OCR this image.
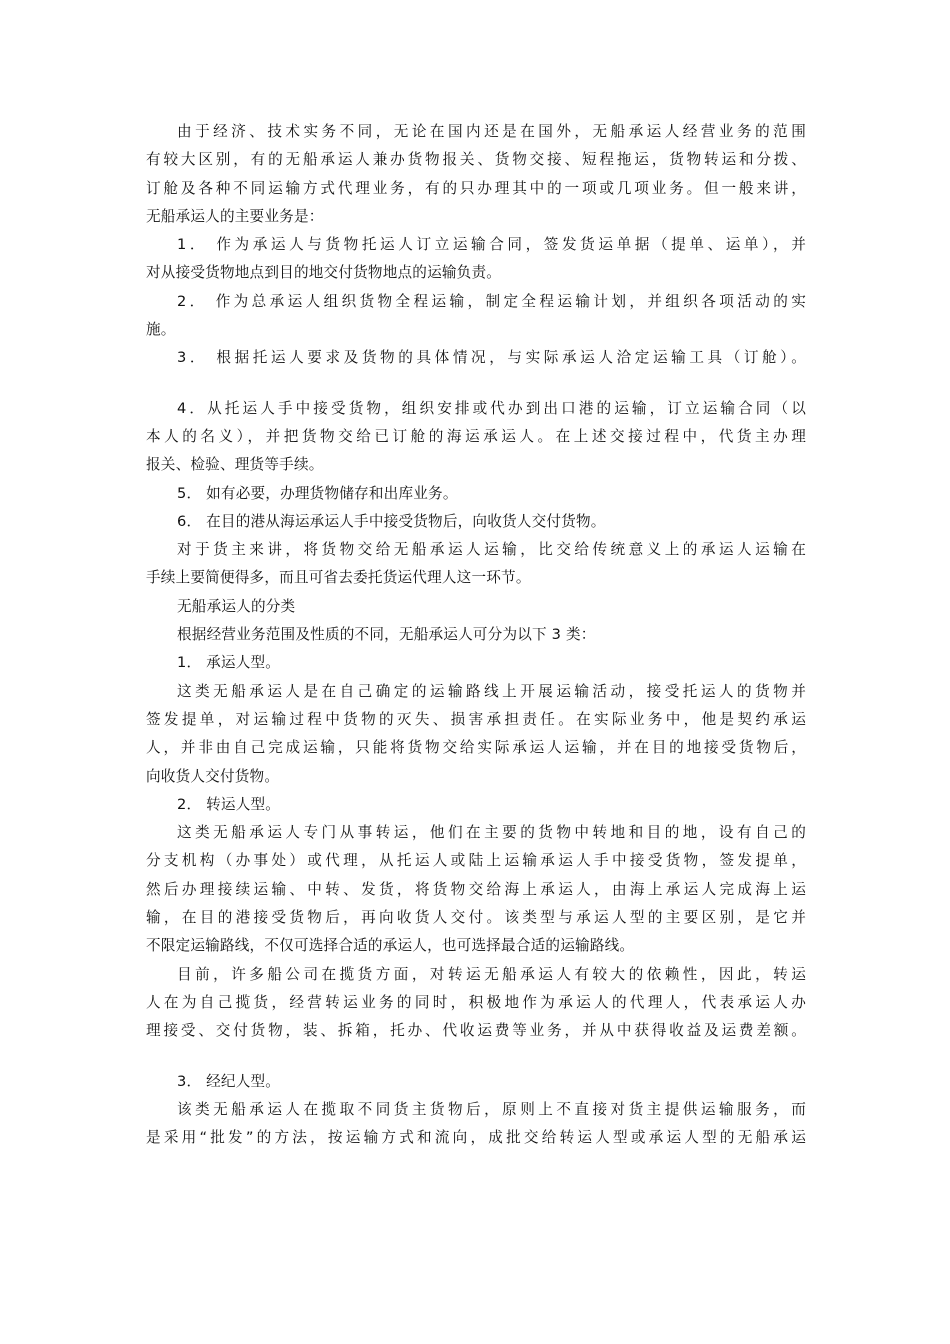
由于经济、技术实务不同，无论在国内还是在国外，无船承运人经营业务的范围
有较大区别，有的无船承运人兼办货物报关、货物交接、短程拖运，货物转运和分拨、
订舱及各种不同运输方式代理业务，有的只办理其中的一项或几项业务。但一般来讲，
无船承运人的主要业务是：
1． 作为承运人与货物托运人订立运输合同，签发货运单据（提单、运单），并
对从接受货物地点到目的地交付货物地点的运输负责。
2． 作为总承运人组织货物全程运输，制定全程运输计划，并组织各项活动的实
施。
3． 根据托运人要求及货物的具体情况，与实际承运人洽定运输工具（订舱）。
4．从托运人手中接受货物，组织安排或代办到出口港的运输，订立运输合同（以
本人的名义），并把货物交给已订舱的海运承运人。在上述交接过程中，代货主办理
报关、检验、理货等手续。
5． 如有必要，办理货物储存和出库业务。
6． 在目的港从海运承运人手中接受货物后，向收货人交付货物。
对于货主来讲，将货物交给无船承运人运输，比交给传统意义上的承运人运输在
手续上要简便得多，而且可省去委托货运代理人这一环节。
无船承运人的分类
根据经营业务范围及性质的不同，无船承运人可分为以下 3 类：
1． 承运人型。
这类无船承运人是在自己确定的运输路线上开展运输活动，接受托运人的货物并
签发提单，对运输过程中货物的灭失、损害承担责任。在实际业务中，他是契约承运
人，并非由自己完成运输，只能将货物交给实际承运人运输，并在目的地接受货物后，
向收货人交付货物。
2． 转运人型。
这类无船承运人专门从事转运，他们在主要的货物中转地和目的地，设有自己的
分支机构（办事处）或代理，从托运人或陆上运输承运人手中接受货物，签发提单，
然后办理接续运输、中转、发货，将货物交给海上承运人，由海上承运人完成海上运
输，在目的港接受货物后，再向收货人交付。该类型与承运人型的主要区别，是它并
不限定运输路线，不仅可选择合适的承运人，也可选择最合适的运输路线。
目前，许多船公司在揽货方面，对转运无船承运人有较大的依赖性，因此，转运
人在为自己揽货，经营转运业务的同时，积极地作为承运人的代理人，代表承运人办
理接受、交付货物，装、拆箱，托办、代收运费等业务，并从中获得收益及运费差额。
3． 经纪人型。
该类无船承运人在揽取不同货主货物后，原则上不直接对货主提供运输服务，而
是采用“批发”的方法，按运输方式和流向，成批交给转运人型或承运人型的无船承运
